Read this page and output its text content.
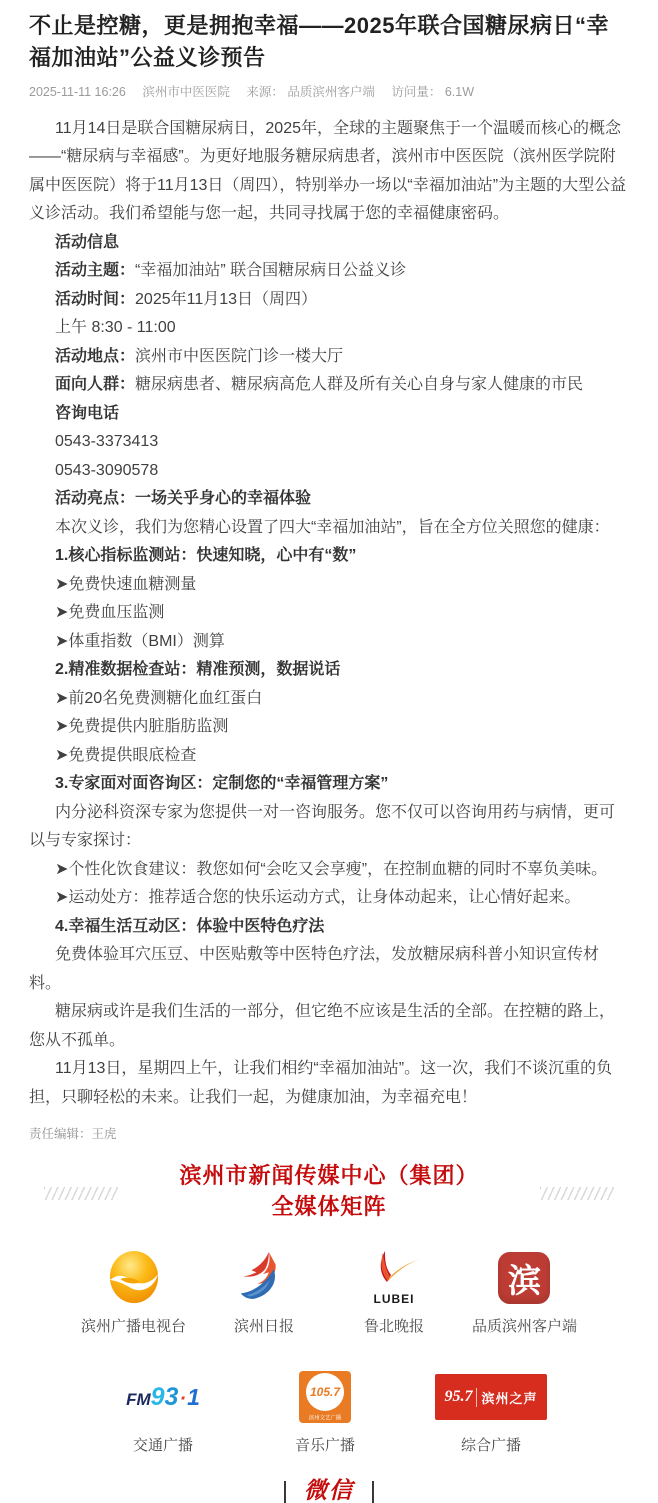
不止是控糖，更是拥抱幸福——2025年联合国糖尿病日“幸福加油站”公益义诊预告
2025-11-11 16:26 滨州市中医医院 来源： 品质滨州客户端 访问量： 6.1W

11月14日是联合国糖尿病日，2025年，全球的主题聚焦于一个温暖而核心的概念——“糖尿病与幸福感”。为更好地服务糖尿病患者，滨州市中医医院（滨州医学院附属中医医院）将于11月13日（周四），特别举办一场以“幸福加油站”为主题的大型公益义诊活动。我们希望能与您一起，共同寻找属于您的幸福健康密码。

活动信息

活动主题：“幸福加油站” 联合国糖尿病日公益义诊

活动时间：2025年11月13日（周四）

上午 8:30 - 11:00

活动地点：滨州市中医医院门诊一楼大厅

面向人群：糖尿病患者、糖尿病高危人群及所有关心自身与家人健康的市民

咨询电话

0543-3373413

0543-3090578

活动亮点：一场关乎身心的幸福体验

本次义诊，我们为您精心设置了四大“幸福加油站”，旨在全方位关照您的健康：

1.核心指标监测站：快速知晓，心中有“数”

➤免费快速血糖测量

➤免费血压监测

➤体重指数（BMI）测算

2.精准数据检查站：精准预测，数据说话

➤前20名免费测糖化血红蛋白

➤免费提供内脏脂肪监测

➤免费提供眼底检查

3.专家面对面咨询区：定制您的“幸福管理方案”

内分泌科资深专家为您提供一对一咨询服务。您不仅可以咨询用药与病情，更可以与专家探讨：

➤个性化饮食建议：教您如何“会吃又会享瘦”，在控制血糖的同时不辜负美味。

➤运动处方：推荐适合您的快乐运动方式，让身体动起来，让心情好起来。

4.幸福生活互动区：体验中医特色疗法

免费体验耳穴压豆、中医贴敷等中医特色疗法，发放糖尿病科普小知识宣传材料。

糖尿病或许是我们生活的一部分，但它绝不应该是生活的全部。在控糖的路上，您从不孤单。

11月13日，星期四上午，让我们相约“幸福加油站”。这一次，我们不谈沉重的负担，只聊轻松的未来。让我们一起，为健康加油，为幸福充电！

责任编辑：王虎
滨州市新闻传媒中心（集团）
全媒体矩阵
滨州广播电视台	滨州日报
LUBEI
鲁北晚报
滨
品质滨州客户端
FM 9 3 · 1
交通广播
105.7
滨州文艺广播
音乐广播
95.7 滨州之声
综合广播
| 微信 |
